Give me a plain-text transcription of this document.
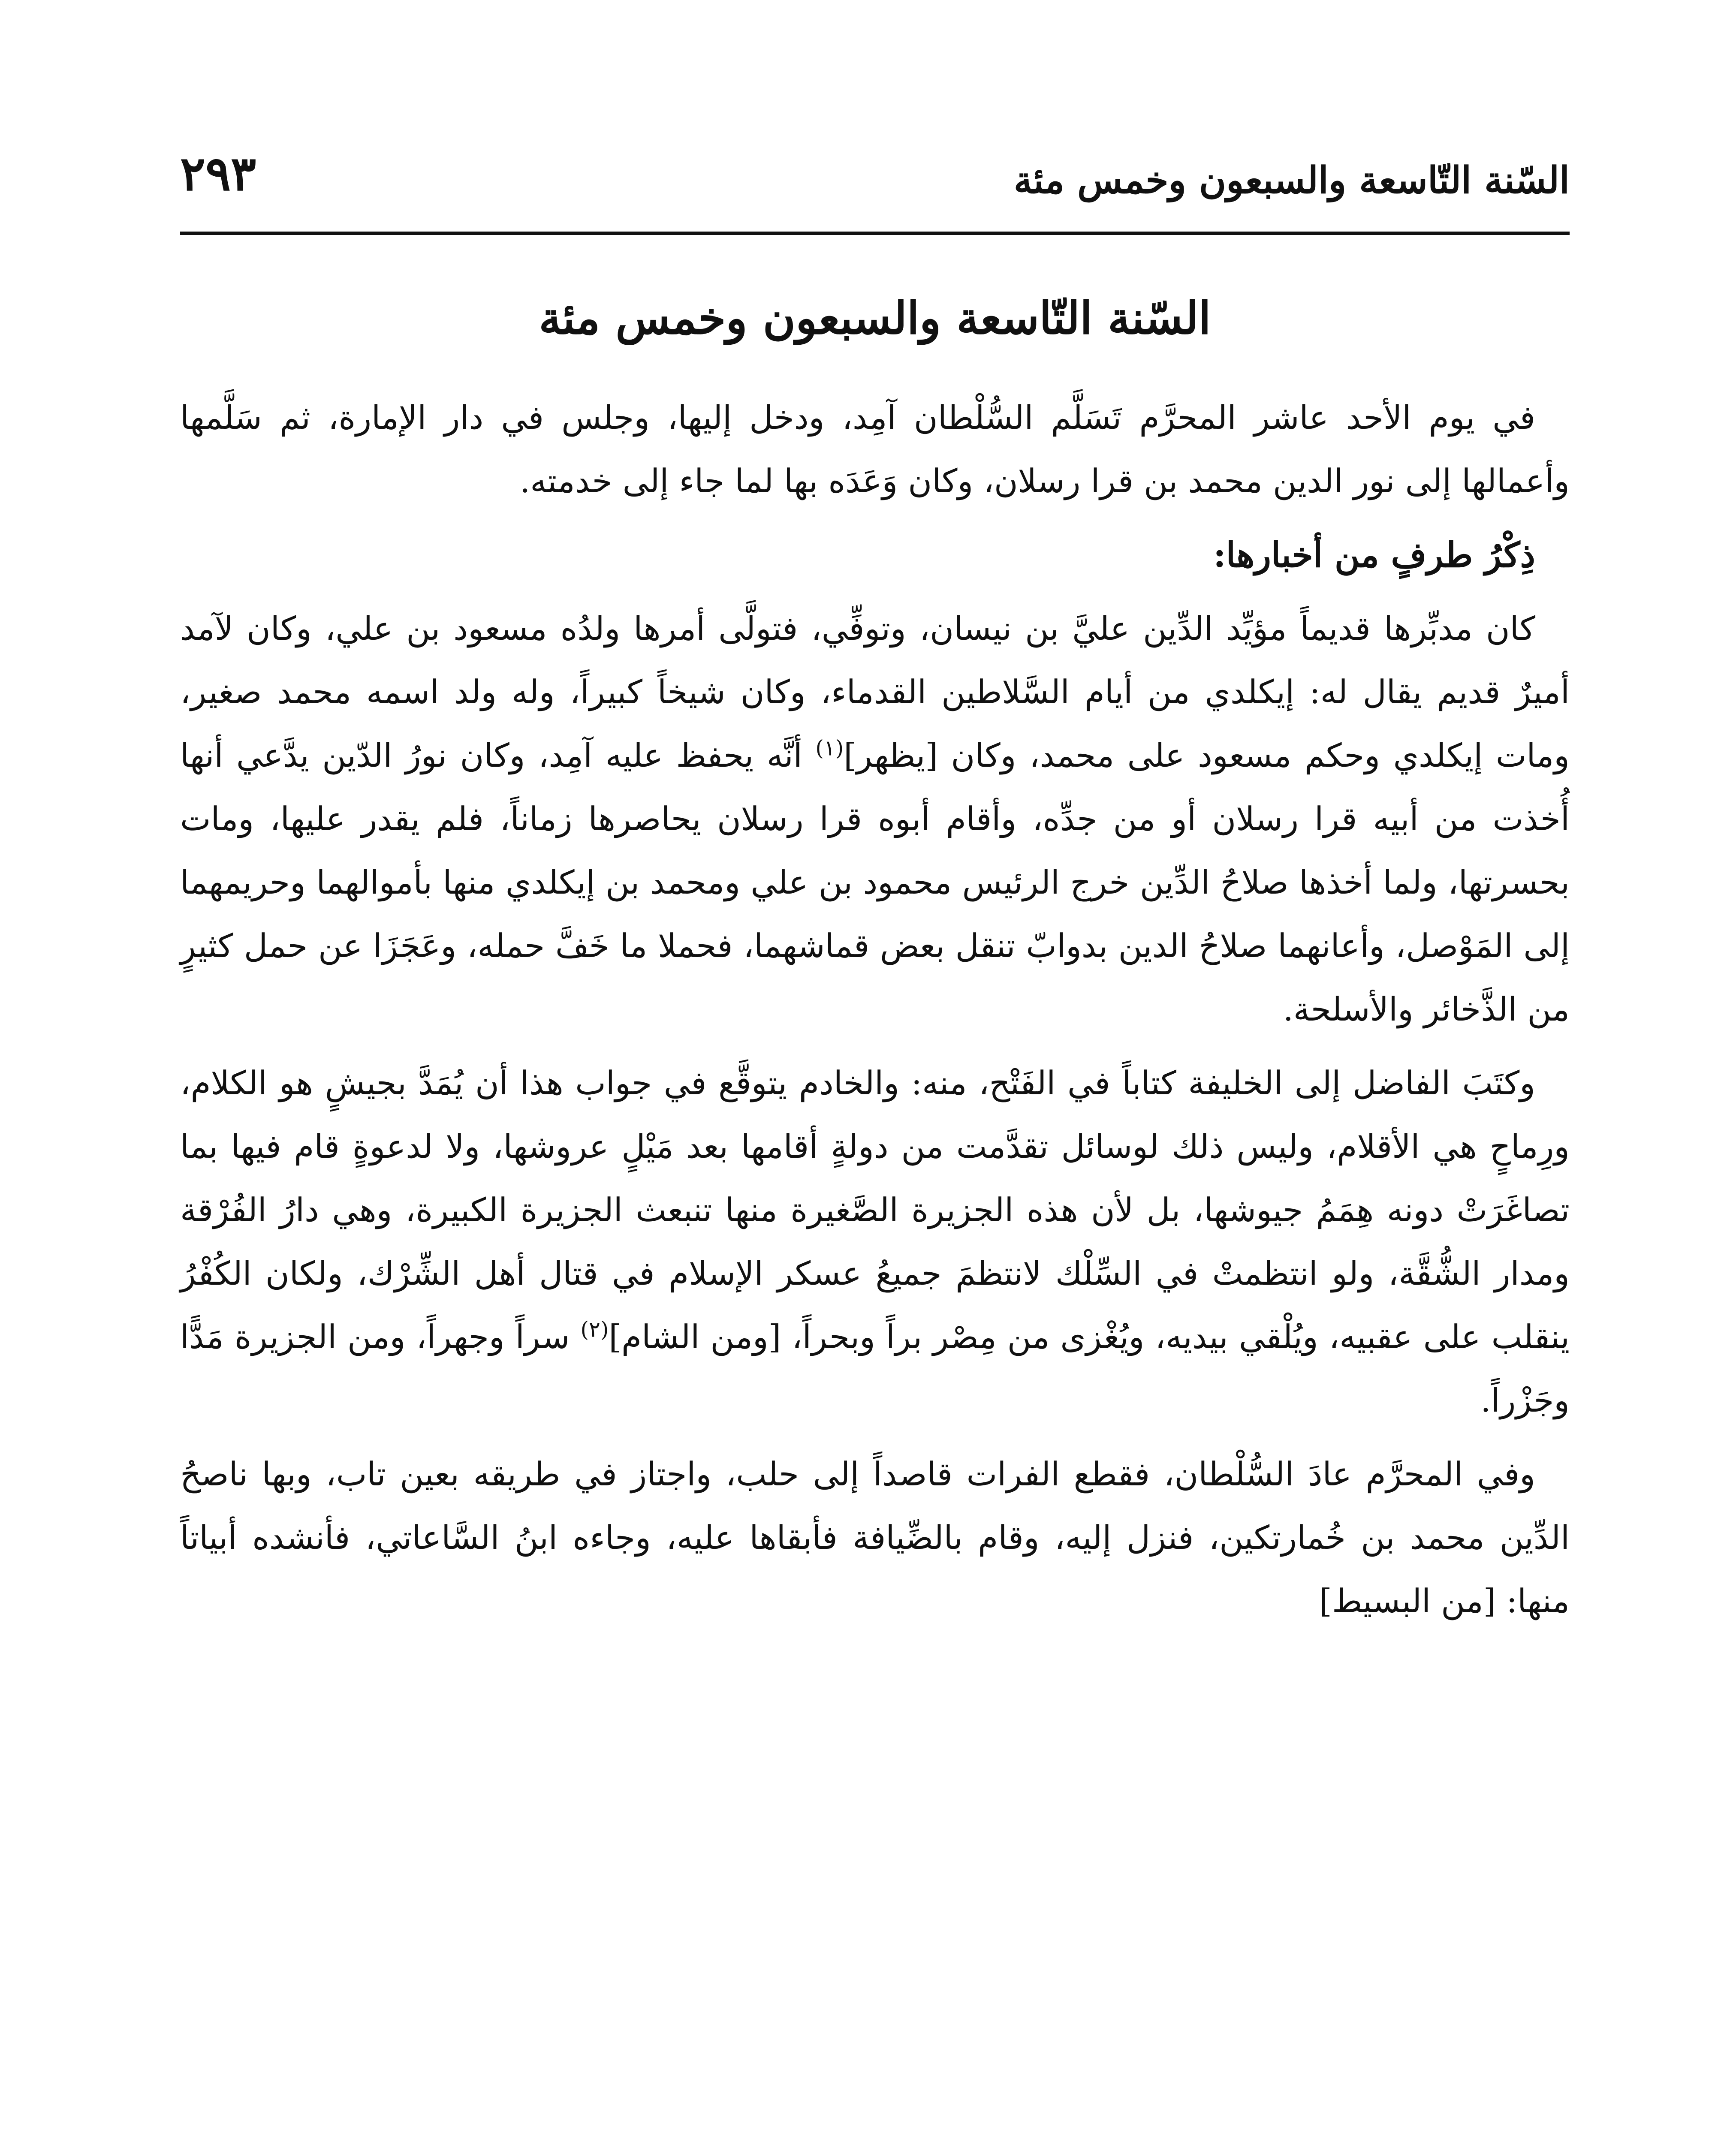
السّنة التّاسعة والسبعون وخمس مئة
٢٩٣
السّنة التّاسعة والسبعون وخمس مئة

في يوم الأحد عاشر المحرَّم تَسَلَّم السُّلْطان آمِد، ودخل إليها، وجلس في دار الإمارة، ثم سَلَّمها وأعمالها إلى نور الدين محمد بن قرا رسلان، وكان وَعَدَه بها لما جاء إلى خدمته.

ذِكْرُ طرفٍ من أخبارها:

كان مدبِّرها قديماً مؤيِّد الدِّين عليَّ بن نيسان، وتوفِّي، فتولَّى أمرها ولدُه مسعود بن علي، وكان لآمد أميرٌ قديم يقال له: إيكلدي من أيام السَّلاطين القدماء، وكان شيخاً كبيراً، وله ولد اسمه محمد صغير، ومات إيكلدي وحكم مسعود على محمد، وكان [يظهر]$^{(١)}$ أنَّه يحفظ عليه آمِد، وكان نورُ الدّين يدَّعي أنها أُخذت من أبيه قرا رسلان أو من جدِّه، وأقام أبوه قرا رسلان يحاصرها زماناً، فلم يقدر عليها، ومات بحسرتها، ولما أخذها صلاحُ الدِّين خرج الرئيس محمود بن علي ومحمد بن إيكلدي منها بأموالهما وحريمهما إلى المَوْصل، وأعانهما صلاحُ الدين بدوابّ تنقل بعض قماشهما، فحملا ما خَفَّ حمله، وعَجَزَا عن حمل كثيرٍ من الذَّخائر والأسلحة.

وكتَبَ الفاضل إلى الخليفة كتاباً في الفَتْح، منه: والخادم يتوقَّع في جواب هذا أن يُمَدَّ بجيشٍ هو الكلام، ورِماحٍ هي الأقلام، وليس ذلك لوسائل تقدَّمت من دولةٍ أقامها بعد مَيْلٍ عروشها، ولا لدعوةٍ قام فيها بما تصاغَرَتْ دونه هِمَمُ جيوشها، بل لأن هذه الجزيرة الصَّغيرة منها تنبعث الجزيرة الكبيرة، وهي دارُ الفُرْقة ومدار الشُّقَّة، ولو انتظمتْ في السِّلْك لانتظمَ جميعُ عسكر الإسلام في قتال أهل الشِّرْك، ولكان الكُفْرُ ينقلب على عقبيه، ويُلْقي بيديه، ويُغْزى من مِصْر براً وبحراً، [ومن الشام]$^{(٢)}$ سراً وجهراً، ومن الجزيرة مَدًّا وجَزْراً.

وفي المحرَّم عادَ السُّلْطان، فقطع الفرات قاصداً إلى حلب، واجتاز في طريقه بعين تاب، وبها ناصحُ الدِّين محمد بن خُمارتكين، فنزل إليه، وقام بالضِّيافة فأبقاها عليه، وجاءه ابنُ السَّاعاتي، فأنشده أبياتاً منها: [من البسيط]
